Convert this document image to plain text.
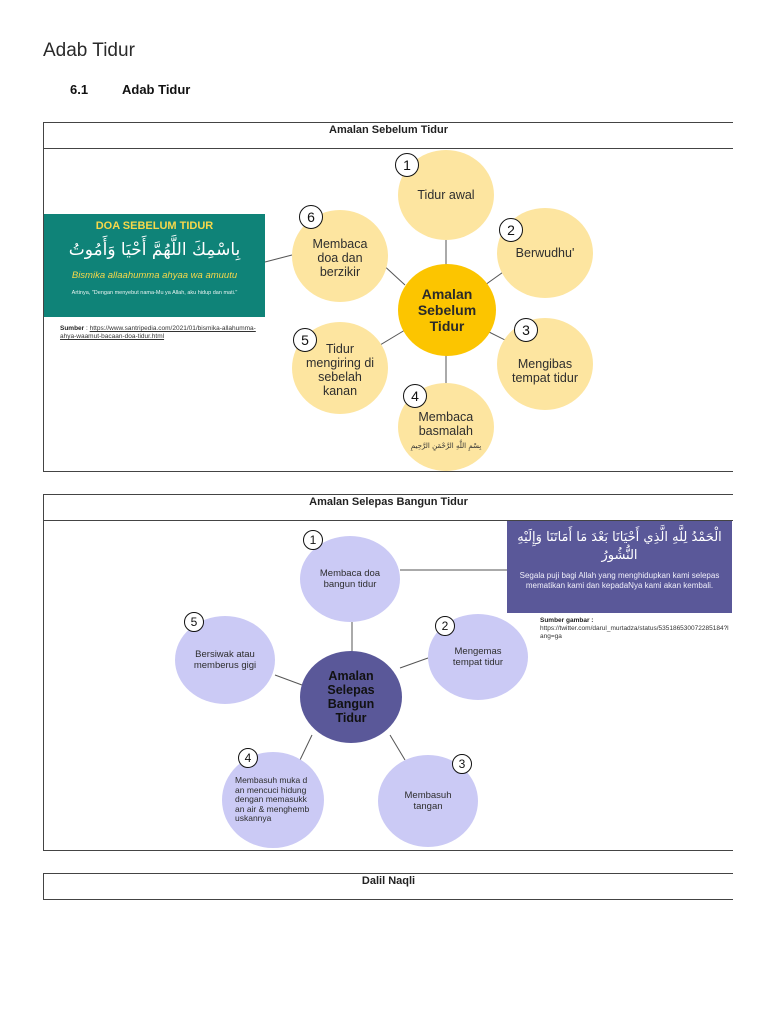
Adab Tidur
6.1	Adab Tidur
Amalan Sebelum Tidur
Tidur awal
1
Berwudhu'
2
Mengibas tempat tidur
3
Membaca basmalah
بِسْمِ اللَّهِ الرَّحْمَنِ الرَّحِيمِ
4
Tidur mengiring di sebelah kanan
5
Membaca doa dan berzikir
6
Amalan Sebelum Tidur
DOA SEBELUM TIDUR
بِاسْمِكَ اللَّهُمَّ أَحْيَا وَأَمُوتُ
Bismika allaahumma ahyaa wa amuutu
Artinya, "Dengan menyebut nama-Mu ya Allah, aku hidup dan mati."
Sumber : https://www.santripedia.com/2021/01/bismika-allahumma-ahya-waamut-bacaan-doa-tidur.html
Amalan Selepas Bangun Tidur
Membaca doa bangun tidur
1
Mengemas tempat tidur
2
Membasuh tangan
3
Membasuh muka dan mencuci hidung dengan memasukkan air & menghembuskannya
4
Bersiwak atau memberus gigi
5
Amalan Selepas Bangun Tidur
الْحَمْدُ لِلَّهِ الَّذِي أَحْيَانَا بَعْدَ مَا أَمَاتَنَا وَإِلَيْهِ النُّشُورُ
Segala puji bagi Allah yang menghidupkan kami selepas mematikan kami dan kepadaNya kami akan kembali.
Sumber gambar :
https://twitter.com/darul_murtadza/status/535186530072285184?lang=ga
Dalil Naqli
